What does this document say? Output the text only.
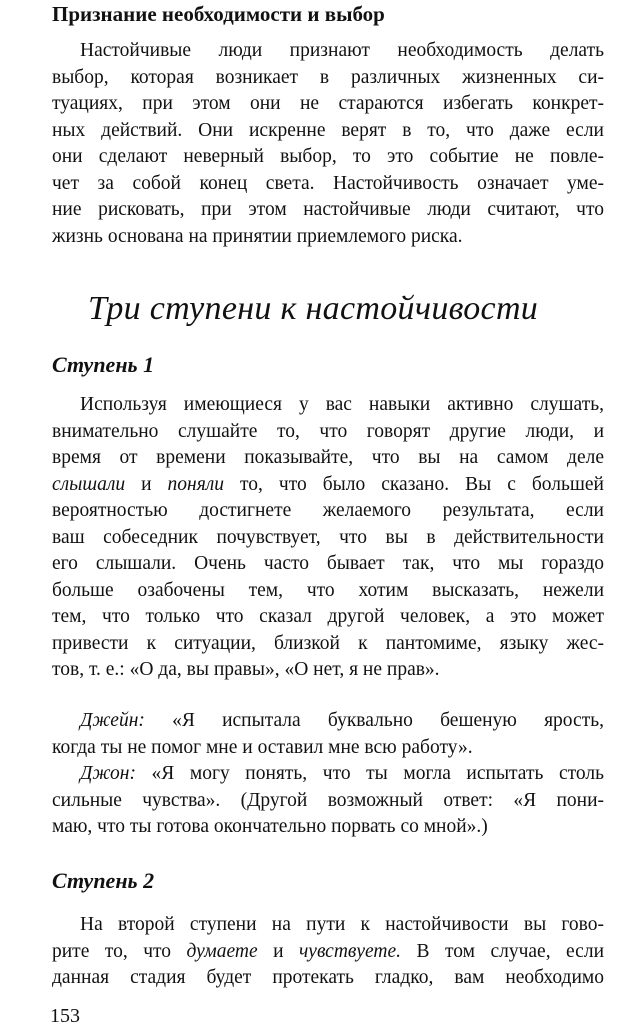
Признание необходимости и выбор
Настойчивые люди признают необходимость делать
выбор, которая возникает в различных жизненных си-
туациях, при этом они не стараются избегать конкрет-
ных действий. Они искренне верят в то, что даже если
они сделают неверный выбор, то это событие не повле-
чет за собой конец света. Настойчивость означает уме-
ние рисковать, при этом настойчивые люди считают, что
жизнь основана на принятии приемлемого риска.
Три ступени к настойчивости
Ступень 1
Используя имеющиеся у вас навыки активно слушать,
внимательно слушайте то, что говорят другие люди, и
время от времени показывайте, что вы на самом деле
слышали и поняли то, что было сказано. Вы с большей
вероятностью достигнете желаемого результата, если
ваш собеседник почувствует, что вы в действительности
его слышали. Очень часто бывает так, что мы гораздо
больше озабочены тем, что хотим высказать, нежели
тем, что только что сказал другой человек, а это может
привести к ситуации, близкой к пантомиме, языку жес-
тов, т. е.: «О да, вы правы», «О нет, я не прав».
Джейн: «Я испытала буквально бешеную ярость,
когда ты не помог мне и оставил мне всю работу».
Джон: «Я могу понять, что ты могла испытать столь
сильные чувства». (Другой возможный ответ: «Я пони-
маю, что ты готова окончательно порвать со мной».)
Ступень 2
На второй ступени на пути к настойчивости вы гово-
рите то, что думаете и чувствуете. В том случае, если
данная стадия будет протекать гладко, вам необходимо
153
